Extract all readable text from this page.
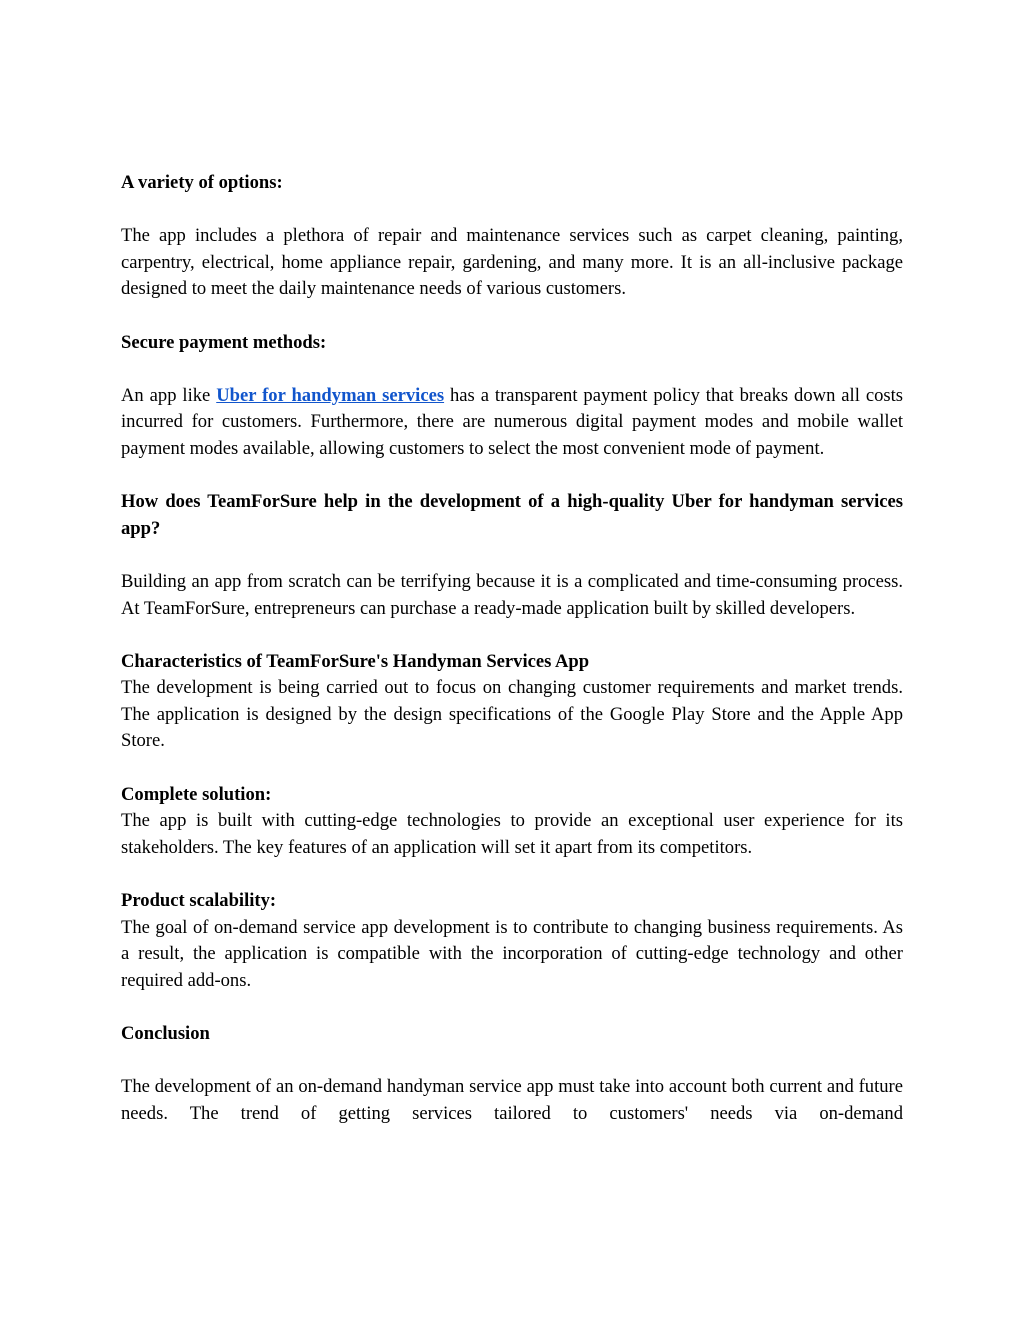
A variety of options:

The app includes a plethora of repair and maintenance services such as carpet cleaning, painting, carpentry, electrical, home appliance repair, gardening, and many more. It is an all-inclusive package designed to meet the daily maintenance needs of various customers.

Secure payment methods:

An app like Uber for handyman services has a transparent payment policy that breaks down all costs incurred for customers. Furthermore, there are numerous digital payment modes and mobile wallet payment modes available, allowing customers to select the most convenient mode of payment.

How does TeamForSure help in the development of a high-quality Uber for handyman services app?

Building an app from scratch can be terrifying because it is a complicated and time-consuming process. At TeamForSure, entrepreneurs can purchase a ready-made application built by skilled developers.

Characteristics of TeamForSure's Handyman Services App

The development is being carried out to focus on changing customer requirements and market trends. The application is designed by the design specifications of the Google Play Store and the Apple App Store.

Complete solution:

The app is built with cutting-edge technologies to provide an exceptional user experience for its stakeholders. The key features of an application will set it apart from its competitors.

Product scalability:

The goal of on-demand service app development is to contribute to changing business requirements. As a result, the application is compatible with the incorporation of cutting-edge technology and other required add-ons.

Conclusion

The development of an on-demand handyman service app must take into account both current and future needs. The trend of getting services tailored to customers' needs via on-demand
